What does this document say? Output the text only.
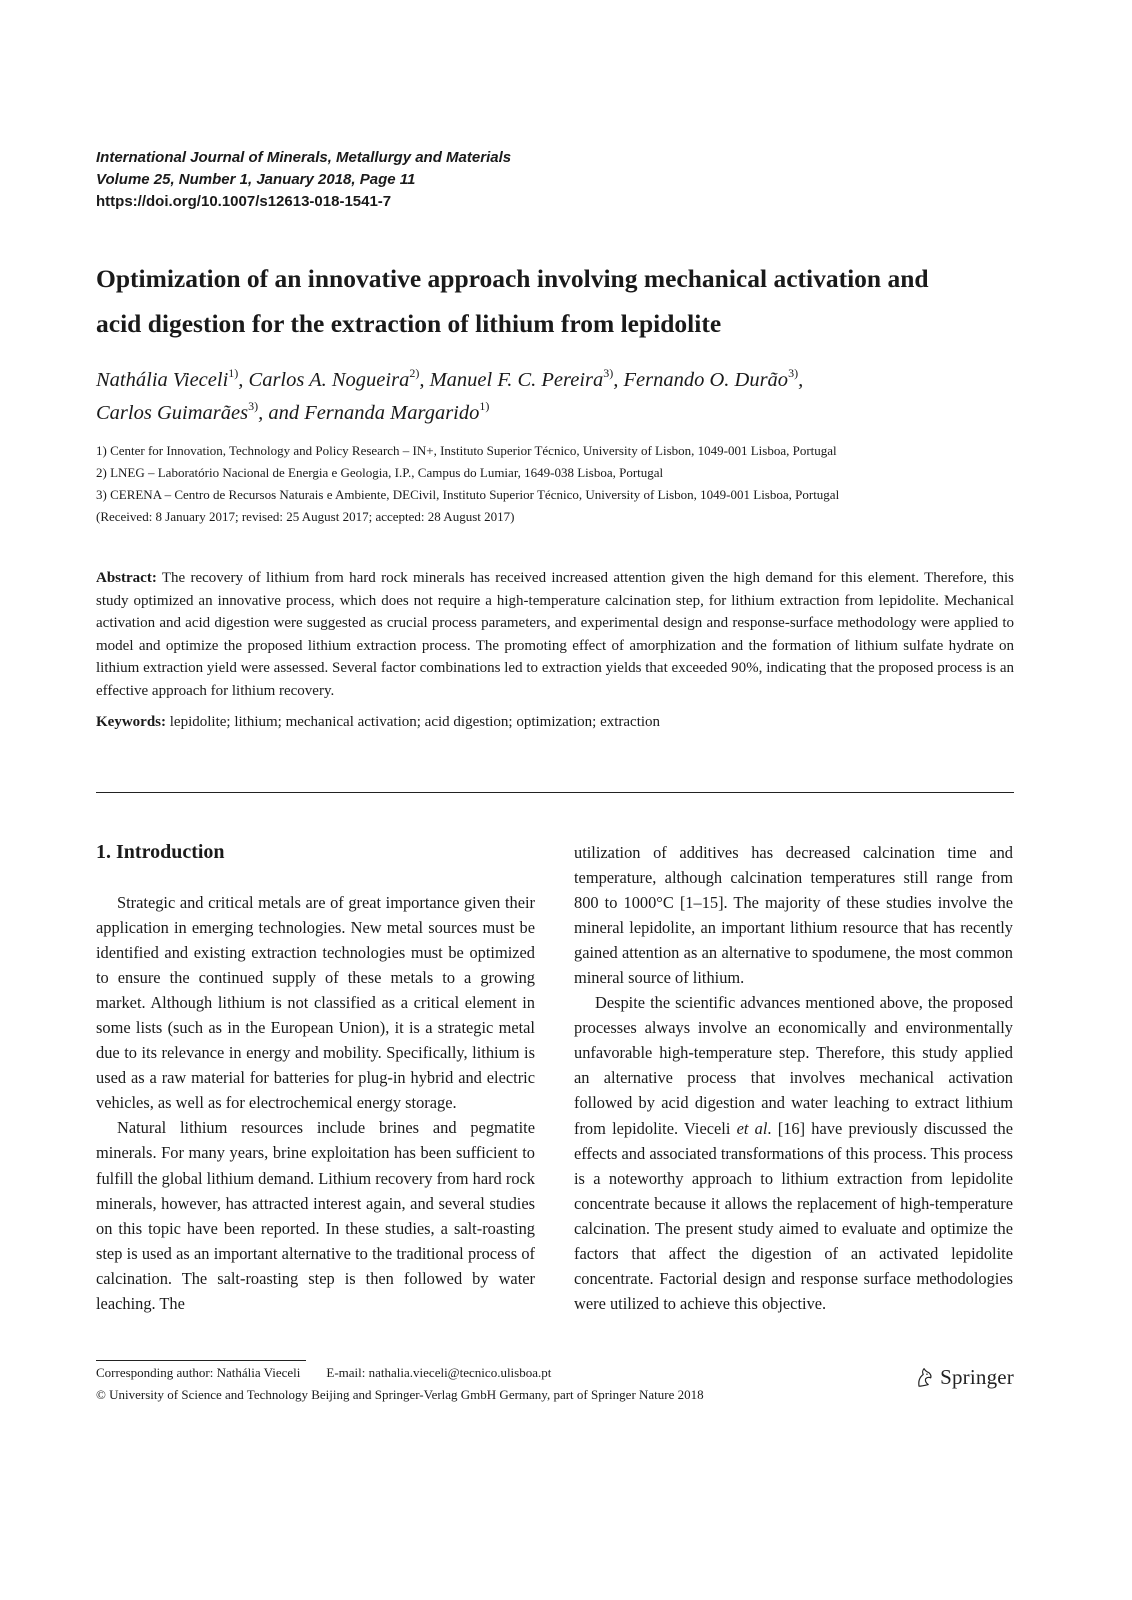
International Journal of Minerals, Metallurgy and Materials
Volume 25, Number 1, January 2018, Page 11
https://doi.org/10.1007/s12613-018-1541-7
Optimization of an innovative approach involving mechanical activation and
acid digestion for the extraction of lithium from lepidolite
Nathália Vieceli$^{1)}$, Carlos A. Nogueira$^{2)}$, Manuel F. C. Pereira$^{3)}$, Fernando O. Durão$^{3)}$,
Carlos Guimarães$^{3)}$, and Fernanda Margarido$^{1)}$
1) Center for Innovation, Technology and Policy Research – IN+, Instituto Superior Técnico, University of Lisbon, 1049-001 Lisboa, Portugal
2) LNEG – Laboratório Nacional de Energia e Geologia, I.P., Campus do Lumiar, 1649-038 Lisboa, Portugal
3) CERENA – Centro de Recursos Naturais e Ambiente, DECivil, Instituto Superior Técnico, University of Lisbon, 1049-001 Lisboa, Portugal
(Received: 8 January 2017; revised: 25 August 2017; accepted: 28 August 2017)

Abstract: The recovery of lithium from hard rock minerals has received increased attention given the high demand for this element. Therefore, this study optimized an innovative process, which does not require a high-temperature calcination step, for lithium extraction from lepidolite. Mechanical activation and acid digestion were suggested as crucial process parameters, and experimental design and response-surface methodology were applied to model and optimize the proposed lithium extraction process. The promoting effect of amorphization and the formation of lithium sulfate hydrate on lithium extraction yield were assessed. Several factor combinations led to extraction yields that exceeded 90%, indicating that the proposed process is an effective approach for lithium recovery.

Keywords: lepidolite; lithium; mechanical activation; acid digestion; optimization; extraction

1. Introduction

Strategic and critical metals are of great importance given their application in emerging technologies. New metal sources must be identified and existing extraction technologies must be optimized to ensure the continued supply of these metals to a growing market. Although lithium is not classified as a critical element in some lists (such as in the European Union), it is a strategic metal due to its relevance in energy and mobility. Specifically, lithium is used as a raw material for batteries for plug-in hybrid and electric vehicles, as well as for electrochemical energy storage.

Natural lithium resources include brines and pegmatite minerals. For many years, brine exploitation has been sufficient to fulfill the global lithium demand. Lithium recovery from hard rock minerals, however, has attracted interest again, and several studies on this topic have been reported. In these studies, a salt-roasting step is used as an important alternative to the traditional process of calcination. The salt-roasting step is then followed by water leaching. The

utilization of additives has decreased calcination time and temperature, although calcination temperatures still range from 800 to 1000°C [1–15]. The majority of these studies involve the mineral lepidolite, an important lithium resource that has recently gained attention as an alternative to spodumene, the most common mineral source of lithium.

Despite the scientific advances mentioned above, the proposed processes always involve an economically and environmentally unfavorable high-temperature step. Therefore, this study applied an alternative process that involves mechanical activation followed by acid digestion and water leaching to extract lithium from lepidolite. Vieceli et al. [16] have previously discussed the effects and associated transformations of this process. This process is a noteworthy approach to lithium extraction from lepidolite concentrate because it allows the replacement of high-temperature calcination. The present study aimed to evaluate and optimize the factors that affect the digestion of an activated lepidolite concentrate. Factorial design and response surface methodologies were utilized to achieve this objective.

Corresponding author: Nathália Vieceli E-mail: nathalia.vieceli@tecnico.ulisboa.pt
© University of Science and Technology Beijing and Springer-Verlag GmbH Germany, part of Springer Nature 2018
Springer
